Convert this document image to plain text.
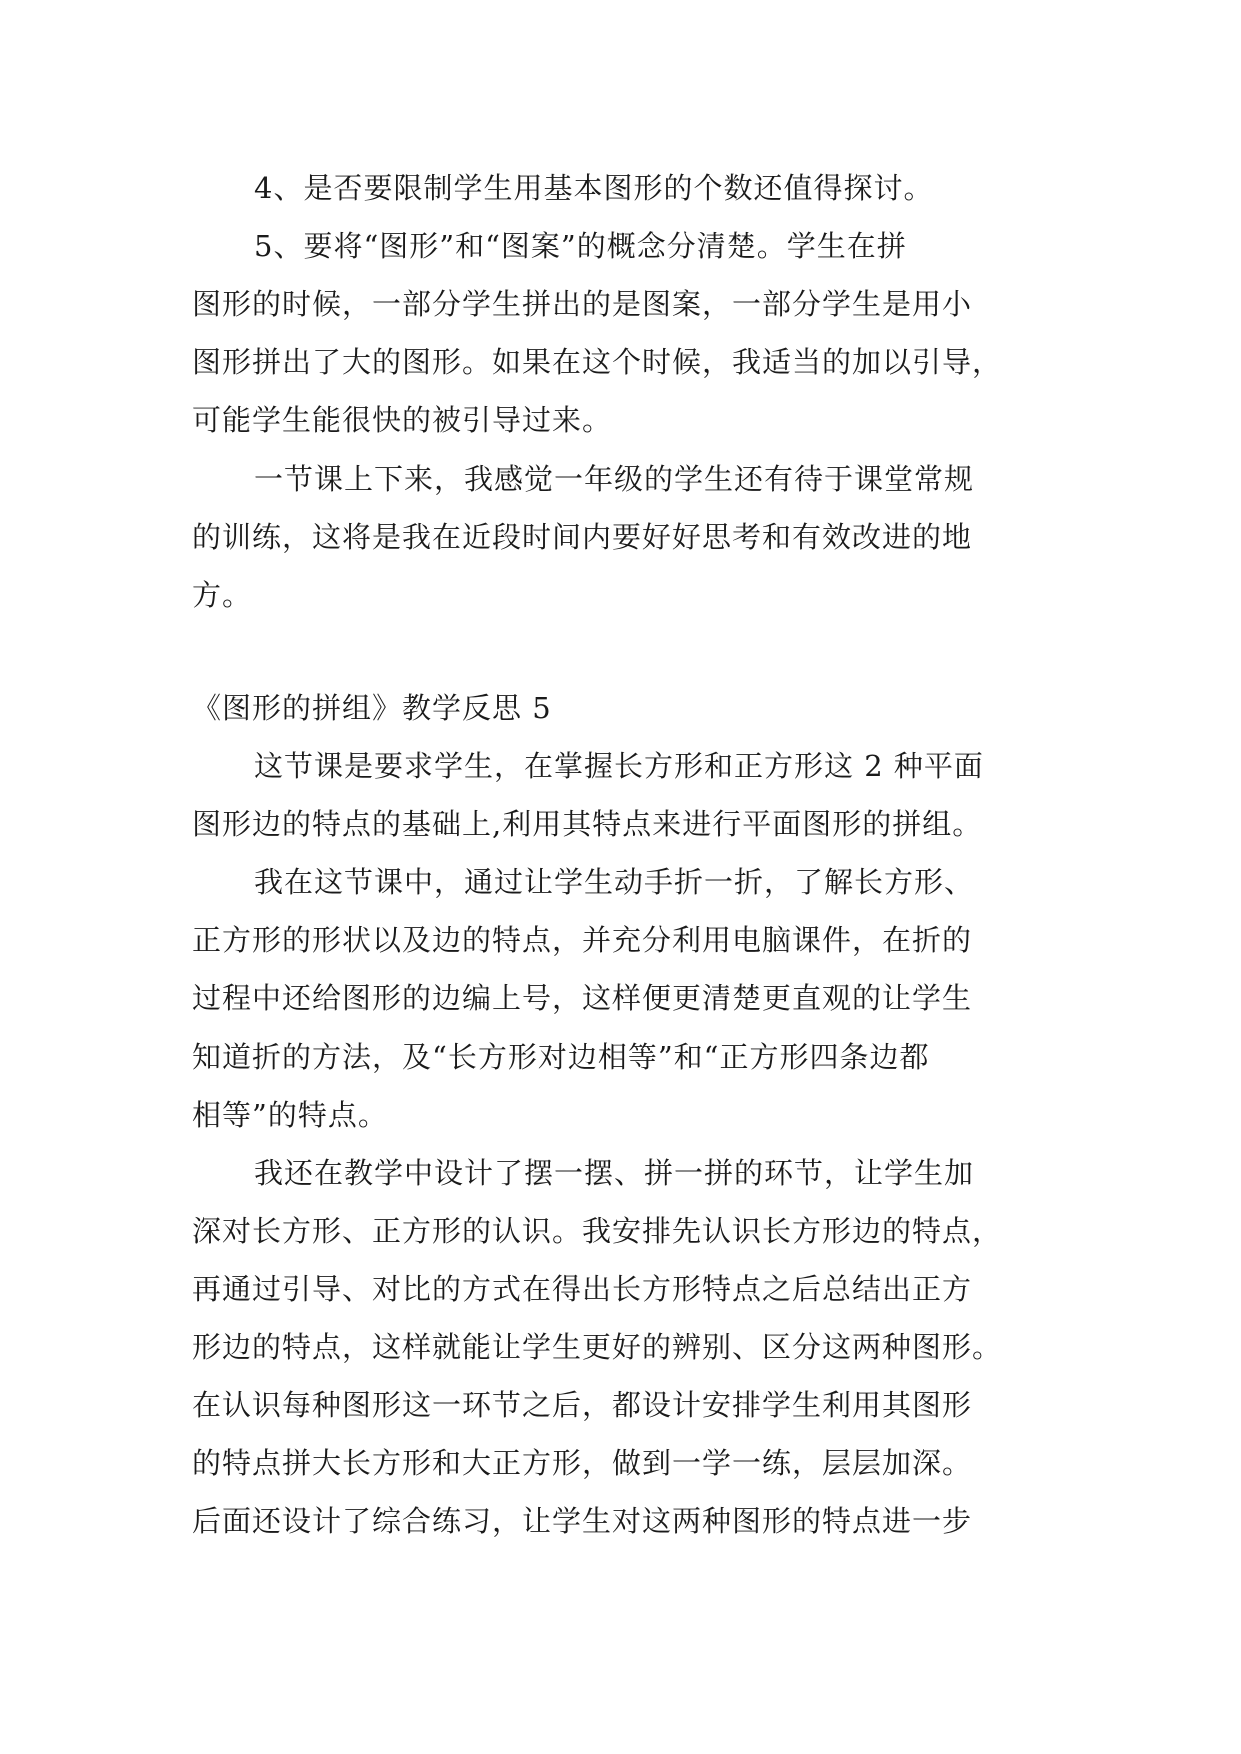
4、是否要限制学生用基本图形的个数还值得探讨。
5、要将“图形”和“图案”的概念分清楚。学生在拼
图形的时候，一部分学生拼出的是图案，一部分学生是用小
图形拼出了大的图形。如果在这个时候，我适当的加以引导，
可能学生能很快的被引导过来。
一节课上下来，我感觉一年级的学生还有待于课堂常规
的训练，这将是我在近段时间内要好好思考和有效改进的地
方。
《图形的拼组》教学反思 5
这节课是要求学生，在掌握长方形和正方形这 2 种平面
图形边的特点的基础上,利用其特点来进行平面图形的拼组。
我在这节课中，通过让学生动手折一折，了解长方形、
正方形的形状以及边的特点，并充分利用电脑课件，在折的
过程中还给图形的边编上号，这样便更清楚更直观的让学生
知道折的方法，及“长方形对边相等”和“正方形四条边都
相等”的特点。
我还在教学中设计了摆一摆、拼一拼的环节，让学生加
深对长方形、正方形的认识。我安排先认识长方形边的特点，
再通过引导、对比的方式在得出长方形特点之后总结出正方
形边的特点，这样就能让学生更好的辨别、区分这两种图形。
在认识每种图形这一环节之后，都设计安排学生利用其图形
的特点拼大长方形和大正方形，做到一学一练，层层加深。
后面还设计了综合练习，让学生对这两种图形的特点进一步
